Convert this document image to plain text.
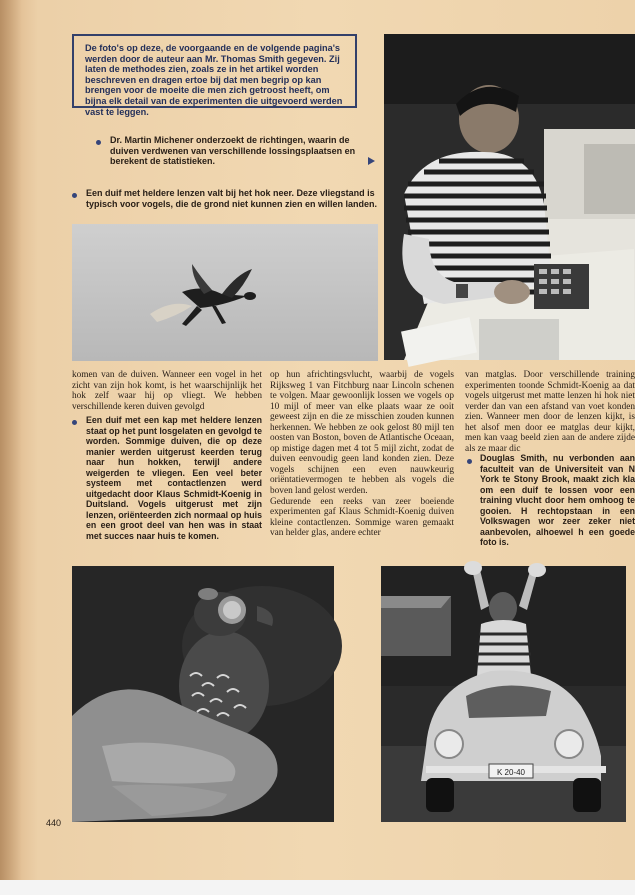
De foto's op deze, de voorgaande en de volgende pagina's werden door de auteur aan Mr. Thomas Smith gegeven. Zij laten de methodes zien, zoals ze in het artikel worden beschreven en dragen ertoe bij dat men begrip op kan brengen voor de moeite die men zich getroost heeft, om bijna elk detail van de experimenten die uitgevoerd werden vast te leggen.
Dr. Martin Michener onderzoekt de richtingen, waarin de duiven verdwenen van verschillende lossingsplaatsen en berekent de statistieken.
Een duif met heldere lenzen valt bij het hok neer. Deze vliegstand is typisch voor vogels, die de grond niet kunnen zien en willen landen.

komen van de duiven. Wanneer een vogel in het zicht van zijn hok komt, is het waarschijnlijk het hok zelf waar hij op vliegt. We hebben verschillende keren duiven gevolgd

Een duif met een kap met heldere lenzen staat op het punt losgelaten en gevolgd te worden. Sommige duiven, die op deze manier werden uitgerust keerden terug naar hun hokken, terwijl andere weigerden te vliegen. Een veel beter systeem met contactlenzen werd uitgedacht door Klaus Schmidt-Koenig in Duitsland. Vogels uitgerust met zijn lenzen, oriënteerden zich normaal op huis en een groot deel van hen was in staat met succes naar huis te komen.

op hun africhtingsvlucht, waarbij de vogels Rijksweg 1 van Fitchburg naar Lincoln schenen te volgen. Maar gewoonlijk lossen we vogels op 10 mijl of meer van elke plaats waar ze ooit geweest zijn en die ze misschien zouden kunnen herkennen. We hebben ze ook gelost 80 mijl ten oosten van Boston, boven de Atlantische Oceaan, op mistige dagen met 4 tot 5 mijl zicht, zodat de duiven eenvoudig geen land konden zien. Deze vogels schijnen een even nauwkeurig oriëntatievermogen te hebben als vogels die boven land gelost werden.

Gedurende een reeks van zeer boeiende experimenten gaf Klaus Schmidt-Koenig duiven kleine contactlenzen. Sommige waren gemaakt van helder glas, andere echter

van matglas. Door verschillende training experimenten toonde Schmidt-Koenig aa dat vogels uitgerust met matte lenzen hi hok niet verder dan van een afstand van voet konden zien. Wanneer men door de lenzen kijkt, is het alsof men door ee matglas deur kijkt, men kan vaag beeld zien aan de andere zijde als ze maar dic

Douglas Smith, nu verbonden aan faculteit van de Universiteit van N York te Stony Brook, maakt zich kla om een duif te lossen voor een training vlucht door hem omhoog te gooien. H rechtopstaan in een Volkswagen wor zeer zeker niet aanbevolen, alhoewel h een goede foto is.

K 20-40
440
